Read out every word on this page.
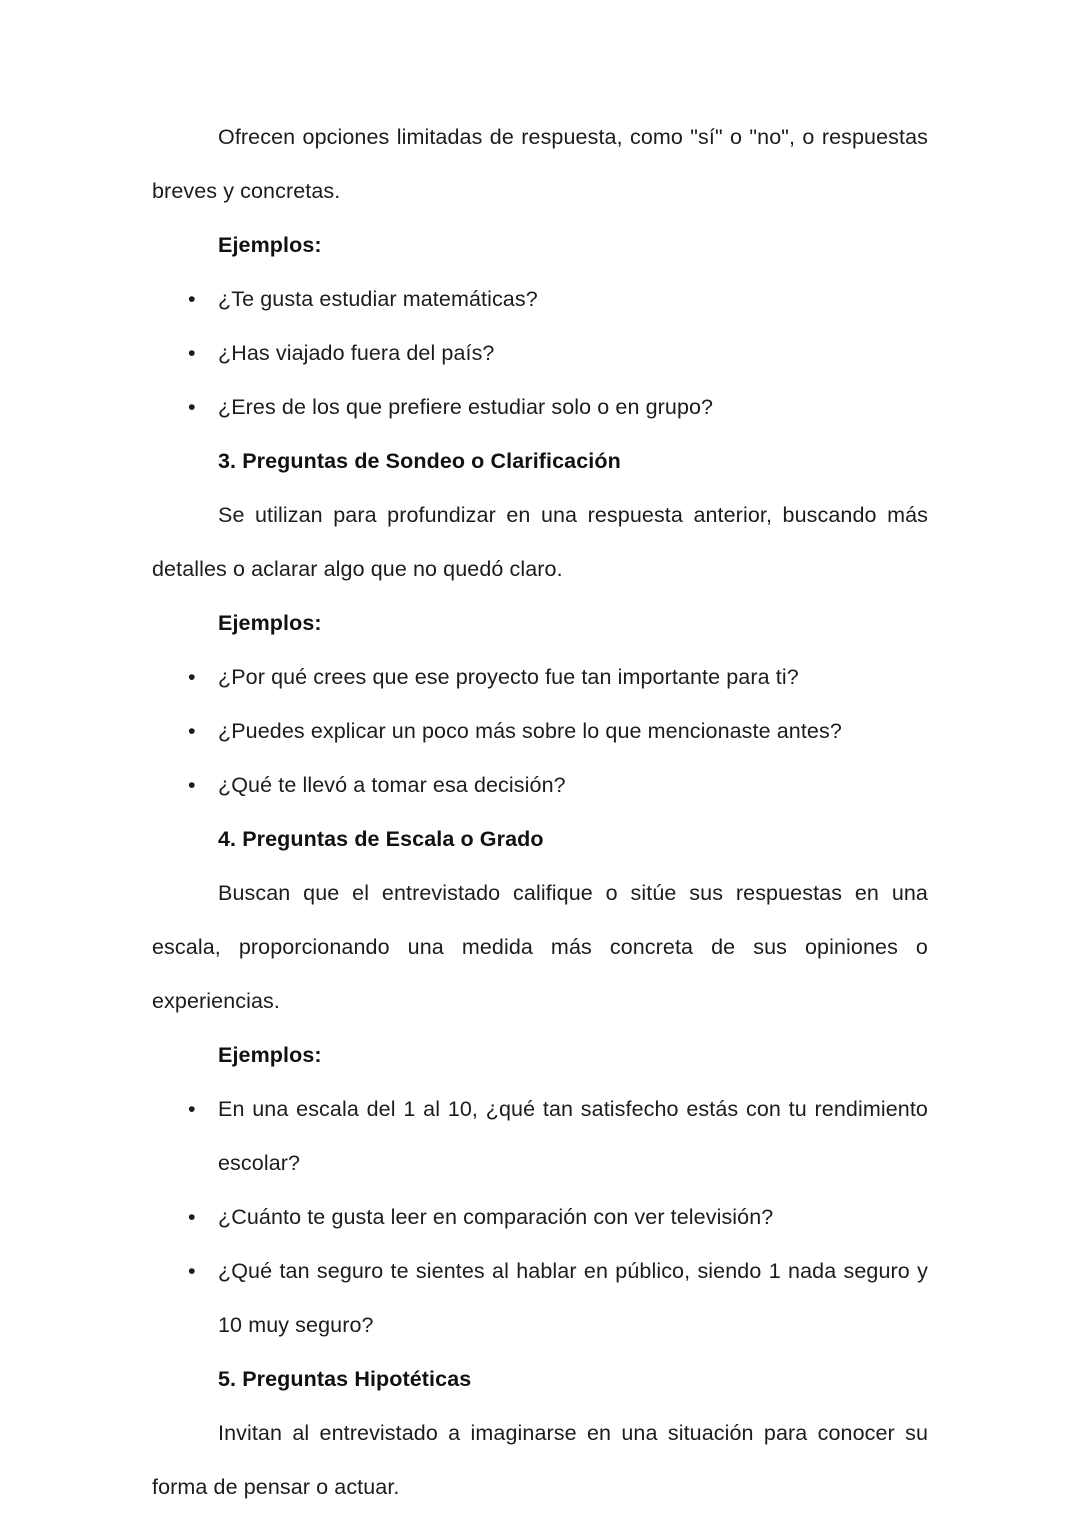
Ofrecen opciones limitadas de respuesta, como "sí" o "no", o respuestas breves y concretas.

Ejemplos:

• ¿Te gusta estudiar matemáticas?
• ¿Has viajado fuera del país?
• ¿Eres de los que prefiere estudiar solo o en grupo?

3. Preguntas de Sondeo o Clarificación

Se utilizan para profundizar en una respuesta anterior, buscando más detalles o aclarar algo que no quedó claro.

Ejemplos:

• ¿Por qué crees que ese proyecto fue tan importante para ti?
• ¿Puedes explicar un poco más sobre lo que mencionaste antes?
• ¿Qué te llevó a tomar esa decisión?

4. Preguntas de Escala o Grado

Buscan que el entrevistado califique o sitúe sus respuestas en una escala, proporcionando una medida más concreta de sus opiniones o experiencias.

Ejemplos:

• En una escala del 1 al 10, ¿qué tan satisfecho estás con tu rendimiento escolar?
• ¿Cuánto te gusta leer en comparación con ver televisión?
• ¿Qué tan seguro te sientes al hablar en público, siendo 1 nada seguro y 10 muy seguro?

5. Preguntas Hipotéticas

Invitan al entrevistado a imaginarse en una situación para conocer su forma de pensar o actuar.
